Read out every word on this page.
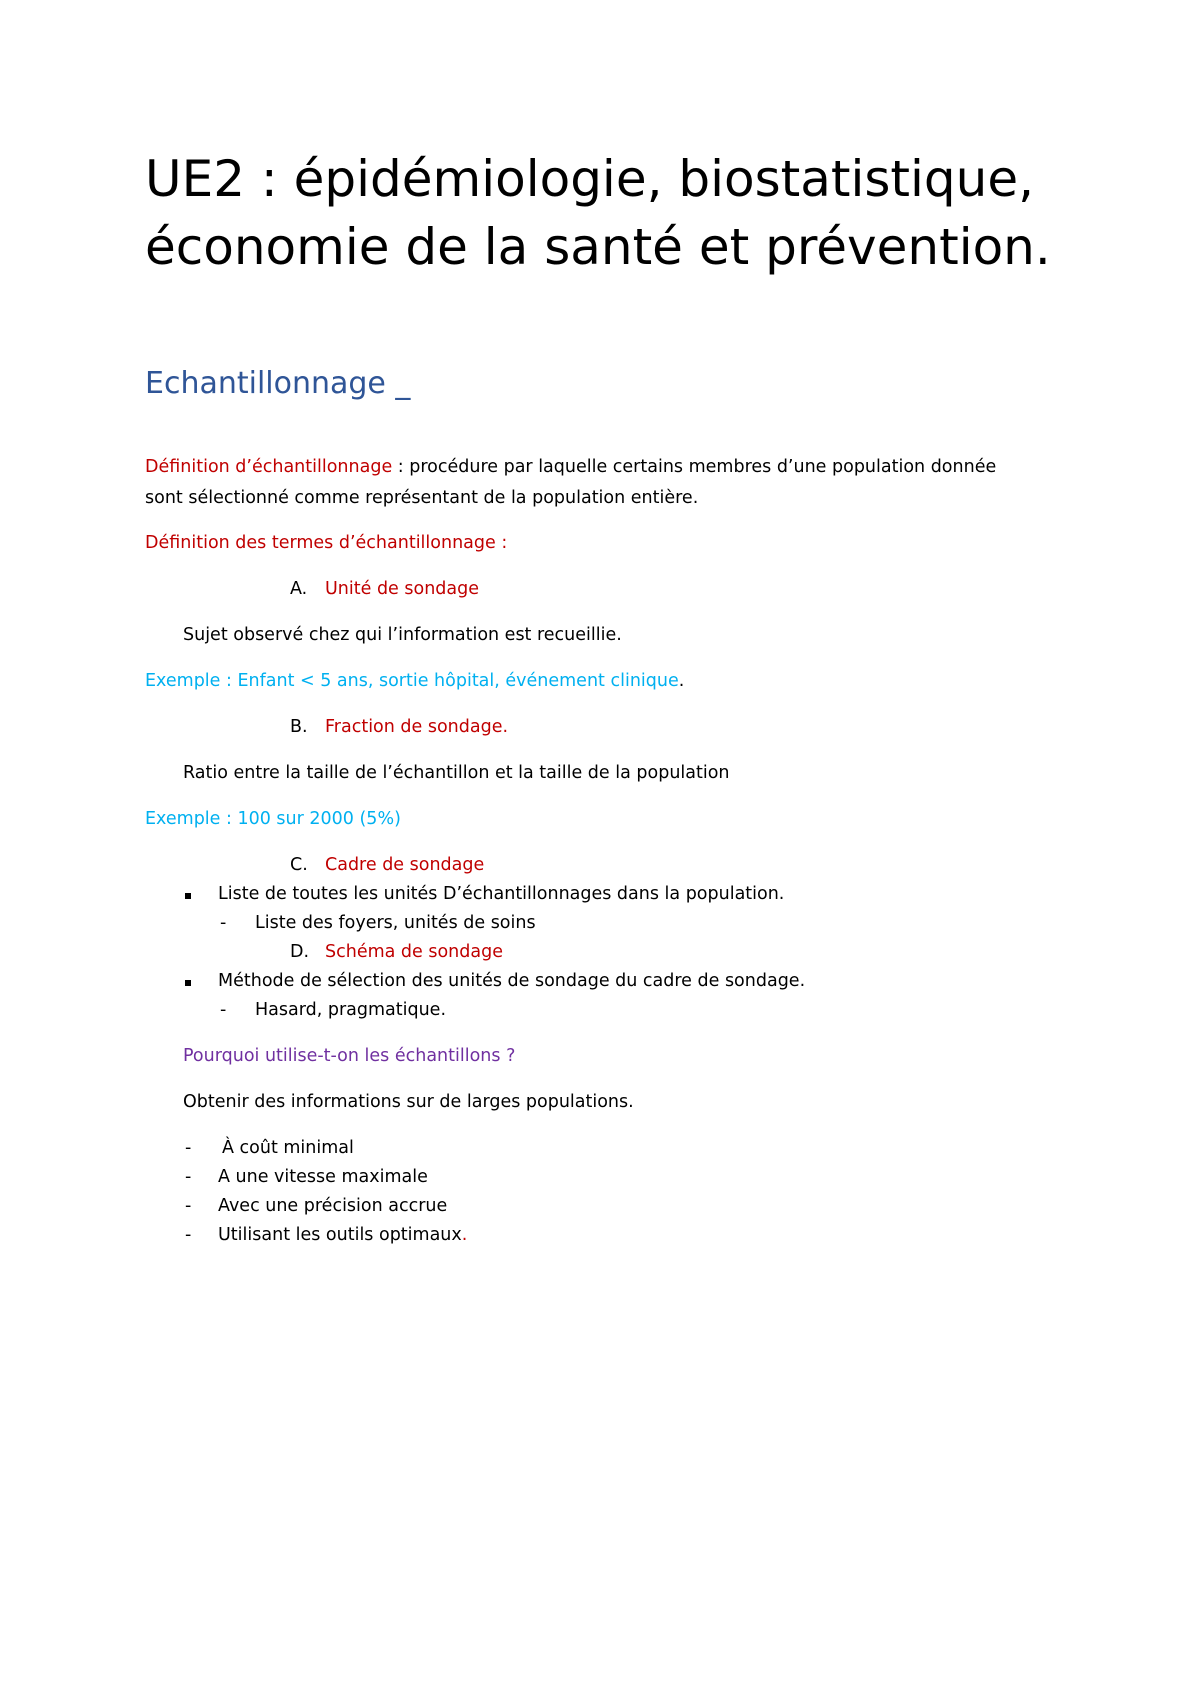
UE2 : épidémiologie, biostatistique, économie de la santé et prévention.
Echantillonnage _

Définition d’échantillonnage : procédure par laquelle certains membres d’une population donnée

sont sélectionné comme représentant de la population entière.

Définition des termes d’échantillonnage :

A. Unité de sondage

Sujet observé chez qui l’information est recueillie.

Exemple : Enfant < 5 ans, sortie hôpital, événement clinique.

B. Fraction de sondage.

Ratio entre la taille de l’échantillon et la taille de la population

Exemple : 100 sur 2000 (5%)

C. Cadre de sondage
Liste de toutes les unités D’échantillonnages dans la population.
- Liste des foyers, unités de soins
D. Schéma de sondage
Méthode de sélection des unités de sondage du cadre de sondage.
- Hasard, pragmatique.

Pourquoi utilise-t-on les échantillons ?

Obtenir des informations sur de larges populations.

- À coût minimal
- A une vitesse maximale
- Avec une précision accrue
- Utilisant les outils optimaux.
